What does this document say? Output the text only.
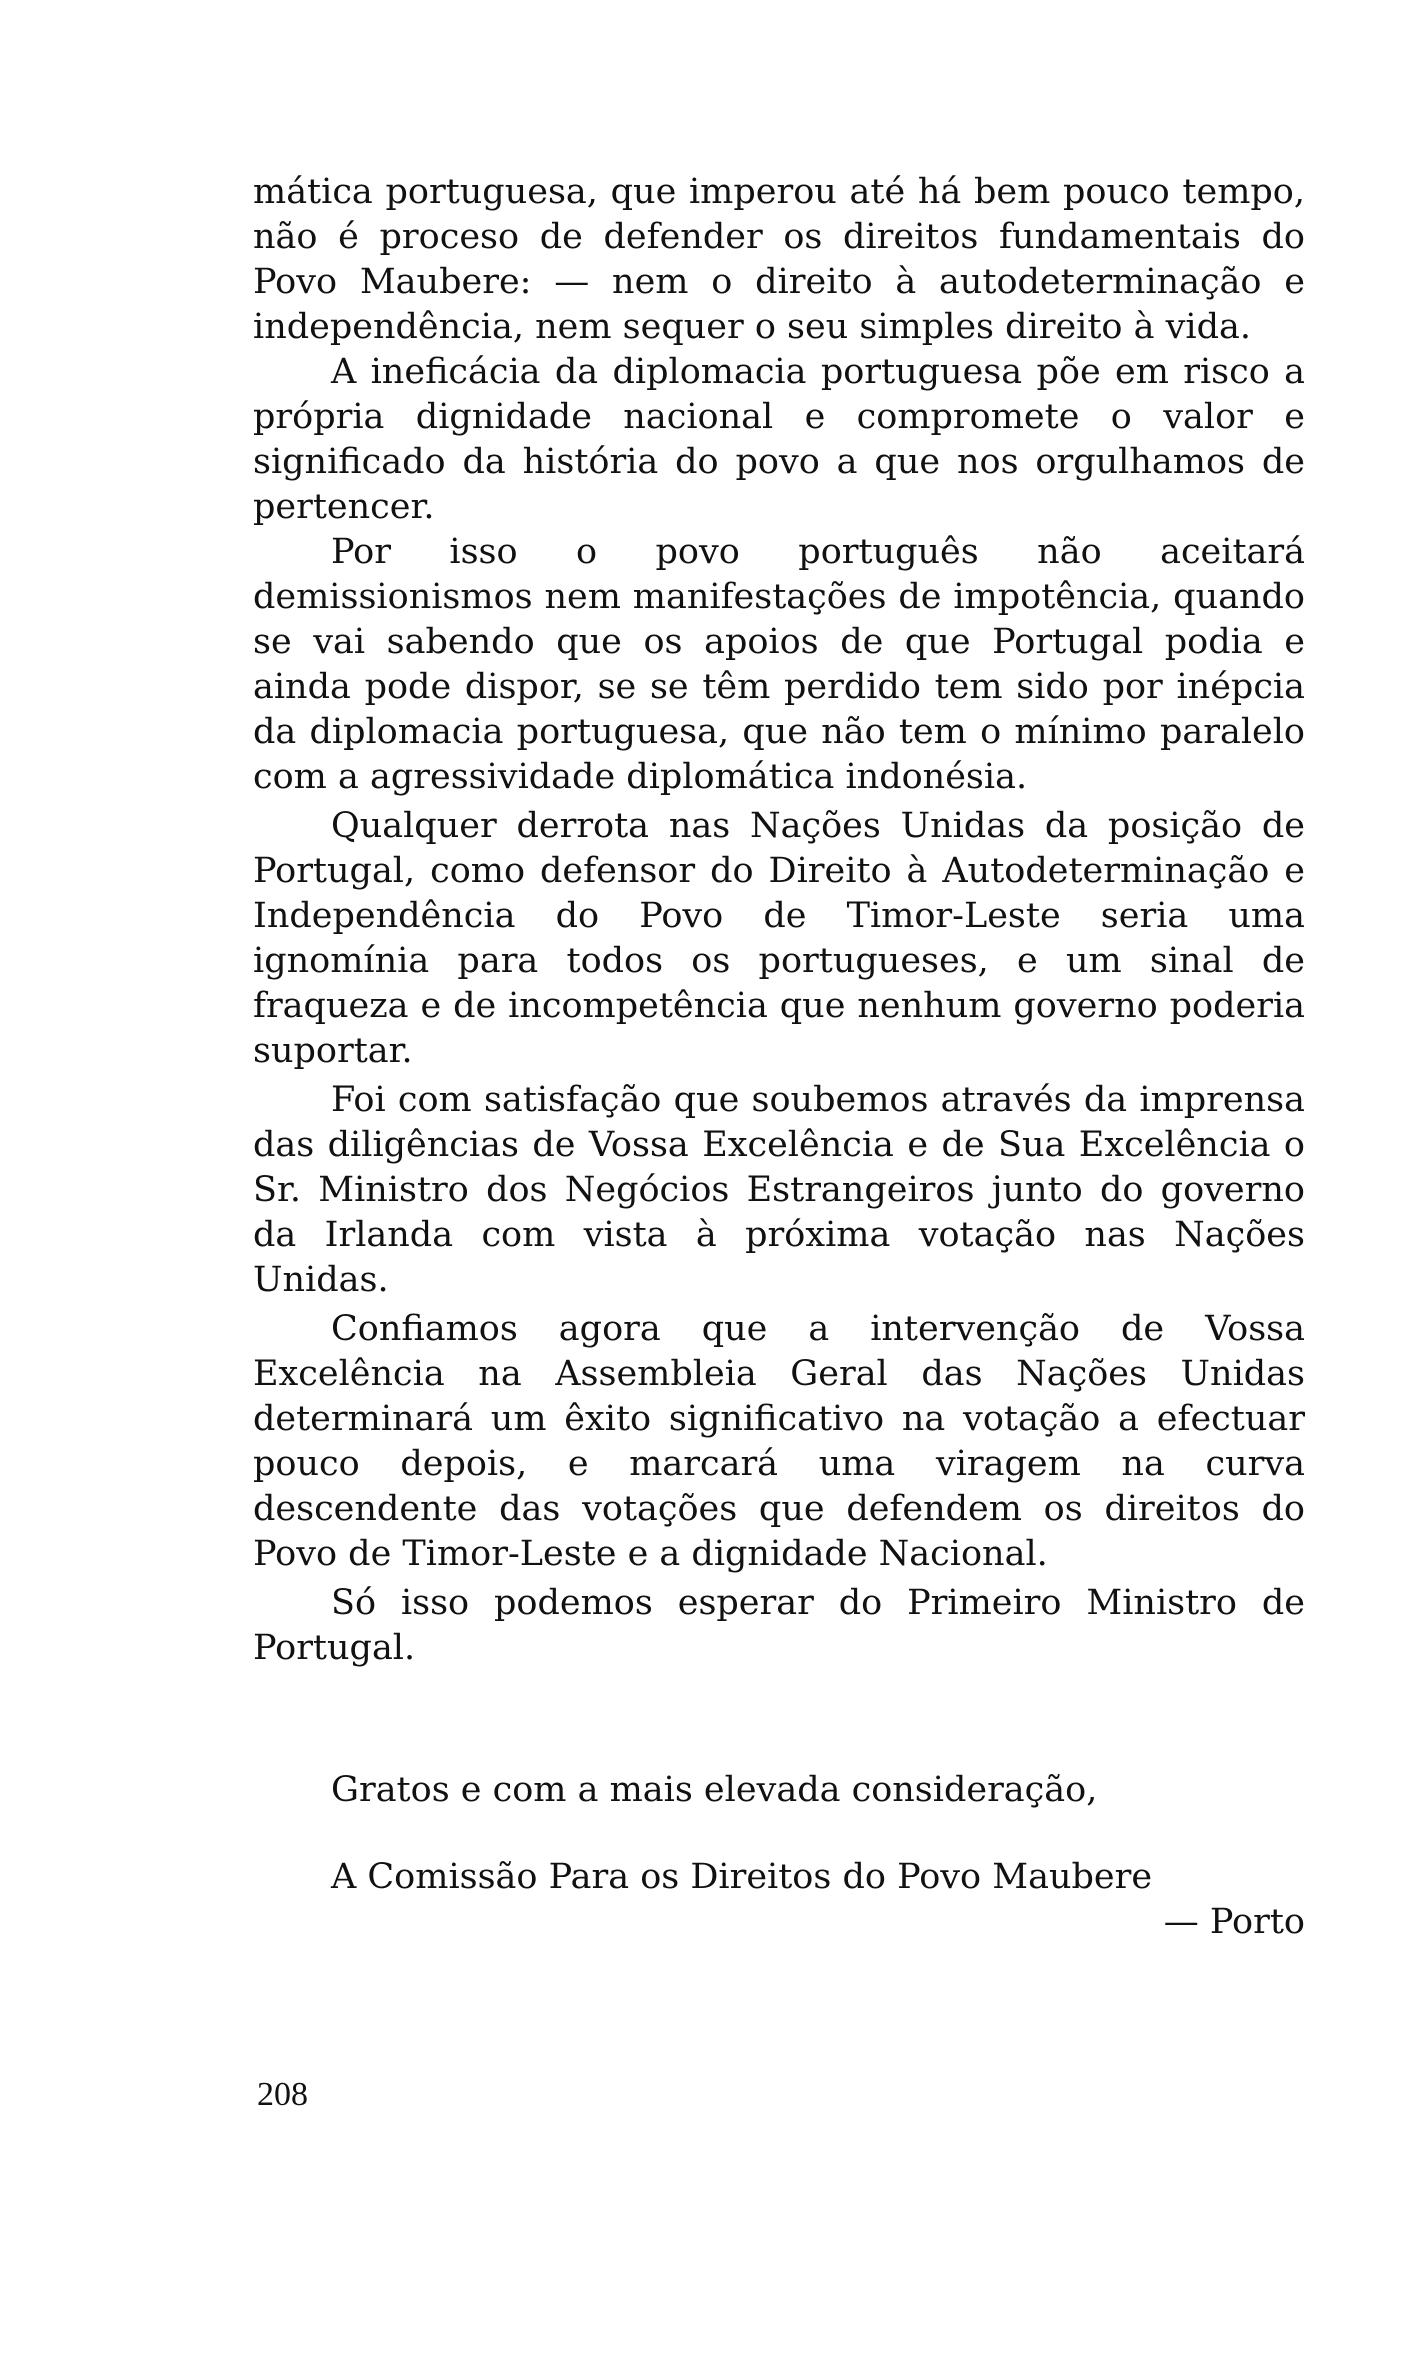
mática portuguesa, que imperou até há bem pouco tempo, não é proceso de defender os direitos fundamentais do Povo Maubere: — nem o direito à autodeterminação e independência, nem sequer o seu simples direito à vida.

A ineficácia da diplomacia portuguesa põe em risco a própria dignidade nacional e compromete o valor e significado da história do povo a que nos orgulhamos de pertencer.

Por isso o povo português não aceitará demissionismos nem manifestações de impotência, quando se vai sabendo que os apoios de que Portugal podia e ainda pode dispor, se se têm perdido tem sido por inépcia da diplomacia portuguesa, que não tem o mínimo paralelo com a agressividade diplomática indonésia.

Qualquer derrota nas Nações Unidas da posição de Portugal, como defensor do Direito à Autodeterminação e Independência do Povo de Timor-Leste seria uma ignomínia para todos os portugueses, e um sinal de fraqueza e de incompetência que nenhum governo poderia suportar.

Foi com satisfação que soubemos através da imprensa das diligências de Vossa Excelência e de Sua Excelência o Sr. Ministro dos Negócios Estrangeiros junto do governo da Irlanda com vista à próxima votação nas Nações Unidas.

Confiamos agora que a intervenção de Vossa Excelência na Assembleia Geral das Nações Unidas determinará um êxito significativo na votação a efectuar pouco depois, e marcará uma viragem na curva descendente das votações que defendem os direitos do Povo de Timor-Leste e a dignidade Nacional.

Só isso podemos esperar do Primeiro Ministro de Portugal.

Gratos e com a mais elevada consideração,
A Comissão Para os Direitos do Povo Maubere
— Porto
208
